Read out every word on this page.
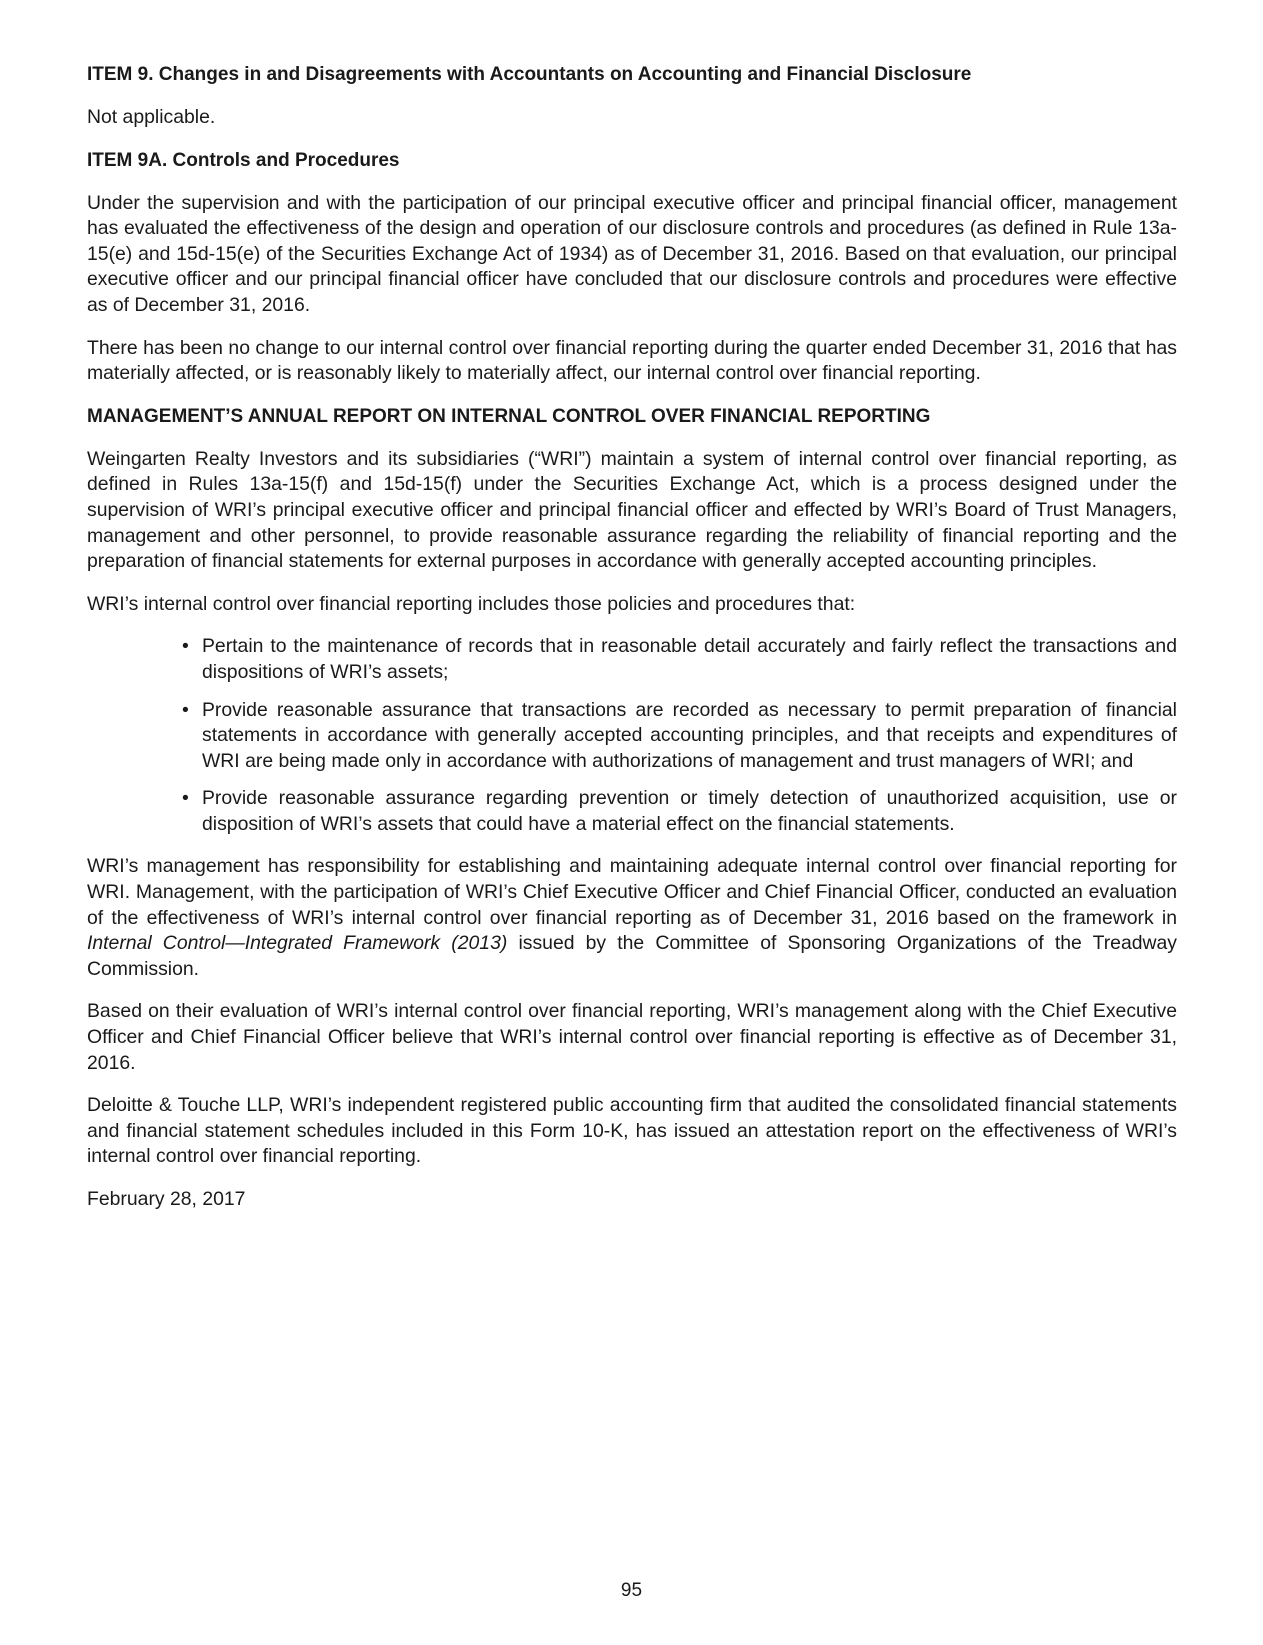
ITEM 9. Changes in and Disagreements with Accountants on Accounting and Financial Disclosure
Not applicable.
ITEM 9A. Controls and Procedures
Under the supervision and with the participation of our principal executive officer and principal financial officer, management has evaluated the effectiveness of the design and operation of our disclosure controls and procedures (as defined in Rule 13a-15(e) and 15d-15(e) of the Securities Exchange Act of 1934) as of December 31, 2016. Based on that evaluation, our principal executive officer and our principal financial officer have concluded that our disclosure controls and procedures were effective as of December 31, 2016.
There has been no change to our internal control over financial reporting during the quarter ended December 31, 2016 that has materially affected, or is reasonably likely to materially affect, our internal control over financial reporting.
MANAGEMENT’S ANNUAL REPORT ON INTERNAL CONTROL OVER FINANCIAL REPORTING
Weingarten Realty Investors and its subsidiaries (“WRI”) maintain a system of internal control over financial reporting, as defined in Rules 13a-15(f) and 15d-15(f) under the Securities Exchange Act, which is a process designed under the supervision of WRI’s principal executive officer and principal financial officer and effected by WRI’s Board of Trust Managers, management and other personnel, to provide reasonable assurance regarding the reliability of financial reporting and the preparation of financial statements for external purposes in accordance with generally accepted accounting principles.
WRI’s internal control over financial reporting includes those policies and procedures that:
• Pertain to the maintenance of records that in reasonable detail accurately and fairly reflect the transactions and dispositions of WRI’s assets;
• Provide reasonable assurance that transactions are recorded as necessary to permit preparation of financial statements in accordance with generally accepted accounting principles, and that receipts and expenditures of WRI are being made only in accordance with authorizations of management and trust managers of WRI; and
• Provide reasonable assurance regarding prevention or timely detection of unauthorized acquisition, use or disposition of WRI’s assets that could have a material effect on the financial statements.
WRI’s management has responsibility for establishing and maintaining adequate internal control over financial reporting for WRI. Management, with the participation of WRI’s Chief Executive Officer and Chief Financial Officer, conducted an evaluation of the effectiveness of WRI’s internal control over financial reporting as of December 31, 2016 based on the framework in Internal Control—Integrated Framework (2013) issued by the Committee of Sponsoring Organizations of the Treadway Commission.
Based on their evaluation of WRI’s internal control over financial reporting, WRI’s management along with the Chief Executive Officer and Chief Financial Officer believe that WRI’s internal control over financial reporting is effective as of December 31, 2016.
Deloitte & Touche LLP, WRI’s independent registered public accounting firm that audited the consolidated financial statements and financial statement schedules included in this Form 10-K, has issued an attestation report on the effectiveness of WRI’s internal control over financial reporting.
February 28, 2017
95
